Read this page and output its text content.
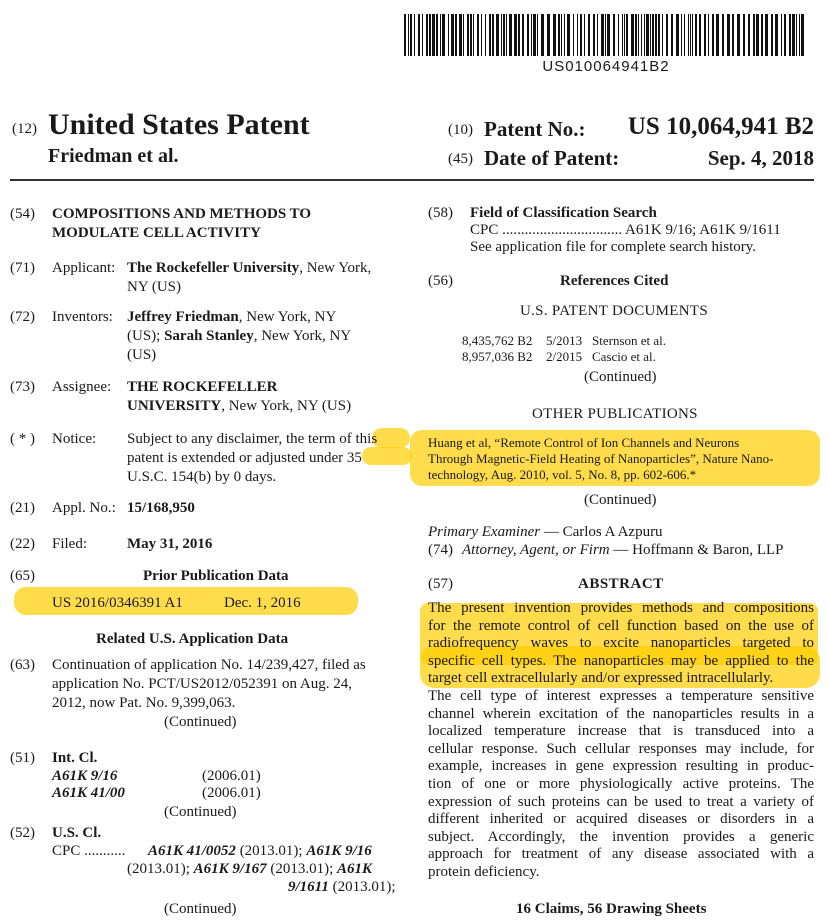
US010064941B2
(12) United States Patent
Friedman et al.
(10) Patent No.: US 10,064,941 B2
(45) Date of Patent:	Sep. 4, 2018
(54) COMPOSITIONS AND METHODS TO
MODULATE CELL ACTIVITY
(71) Applicant: The Rockefeller University, New York,
NY (US)
(72) Inventors: Jeffrey Friedman, New York, NY
(US); Sarah Stanley, New York, NY
(US)
(73) Assignee: THE ROCKEFELLER
UNIVERSITY, New York, NY (US)
( * ) Notice: Subject to any disclaimer, the term of this
patent is extended or adjusted under 35
U.S.C. 154(b) by 0 days.
(21) Appl. No.: 15/168,950
(22) Filed:	May 31, 2016
(65)	Prior Publication Data
US 2016/0346391 A1	Dec. 1, 2016
Related U.S. Application Data
(63) Continuation of application No. 14/239,427, filed as
application No. PCT/US2012/052391 on Aug. 24,
2012, now Pat. No. 9,399,063.
(Continued)
(51) Int. Cl.
A61K 9/16	(2006.01)
A61K 41/00	(2006.01)
(Continued)
(52) U.S. Cl.
CPC ........... A61K 41/0052 (2013.01); A61K 9/16
(2013.01); A61K 9/167 (2013.01); A61K
9/1611 (2013.01);
(Continued)
(58) Field of Classification Search
CPC ................................ A61K 9/16; A61K 9/1611
See application file for complete search history.
(56)	References Cited
U.S. PATENT DOCUMENTS
8,435,762 B2	5/2013 Sternson et al.
8,957,036 B2	2/2015 Cascio et al.
(Continued)
OTHER PUBLICATIONS
Huang et al, “Remote Control of Ion Channels and Neurons
Through Magnetic-Field Heating of Nanoparticles”, Nature Nano-
technology, Aug. 2010, vol. 5, No. 8, pp. 602-606.*
(Continued)
Primary Examiner — Carlos A Azpuru
(74) Attorney, Agent, or Firm — Hoffmann & Baron, LLP
(57)	ABSTRACT
The present invention provides methods and compositions
for the remote control of cell function based on the use of
radiofrequency waves to excite nanoparticles targeted to
specific cell types. The nanoparticles may be applied to the
target cell extracellularly and/or expressed intracellularly.
The cell type of interest expresses a temperature sensitive
channel wherein excitation of the nanoparticles results in a
localized temperature increase that is transduced into a
cellular response. Such cellular responses may include, for
example, increases in gene expression resulting in produc-
tion of one or more physiologically active proteins. The
expression of such proteins can be used to treat a variety of
different inherited or acquired diseases or disorders in a
subject. Accordingly, the invention provides a generic
approach for treatment of any disease associated with a
protein deficiency.
16 Claims, 56 Drawing Sheets
